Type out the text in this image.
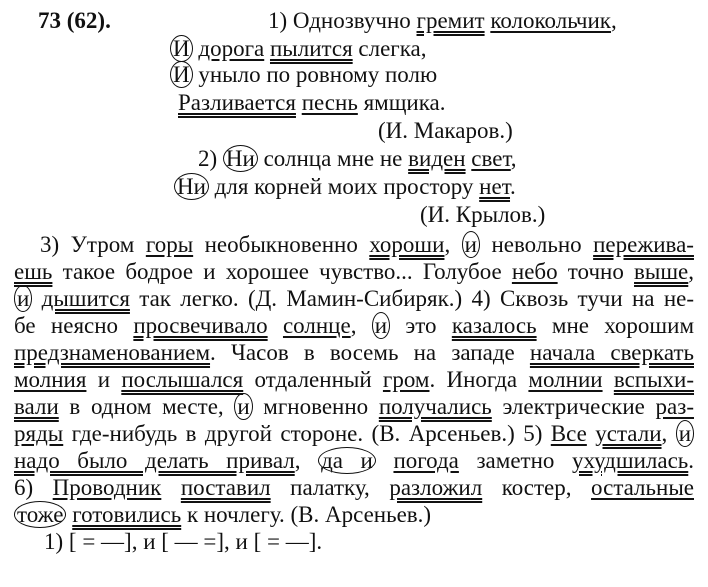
73 (62).	1) Однозвучно гремит колокольчик,
И дорога пылится слегка,
И уныло по ровному полю
Разливается песнь ямщика.
(И. Макаров.)
2) Ни солнца мне не виден свет,
Ни для корней моих простору нет.
(И. Крылов.)
3) Утром горы необыкновенно хороши, и невольно пережива-
ешь такое бодрое и хорошее чувство... Голубое небо точно выше,
и дышится так легко. (Д. Мамин-Сибиряк.) 4) Сквозь тучи на не-
бе неясно просвечивало солнце, и это казалось мне хорошим
предзнаменованием. Часов в восемь на западе начала сверкать
молния и послышался отдаленный гром. Иногда молнии вспыхи-
вали в одном месте, и мгновенно получались электрические раз-
ряды где-нибудь в другой стороне. (В. Арсеньев.) 5) Все устали, и
надо было делать привал, да и погода заметно ухудшилась.
6) Проводник поставил палатку, разложил костер, остальные
тоже готовились к ночлегу. (В. Арсеньев.)
1) [ = —], и [ — =], и [ = —].
